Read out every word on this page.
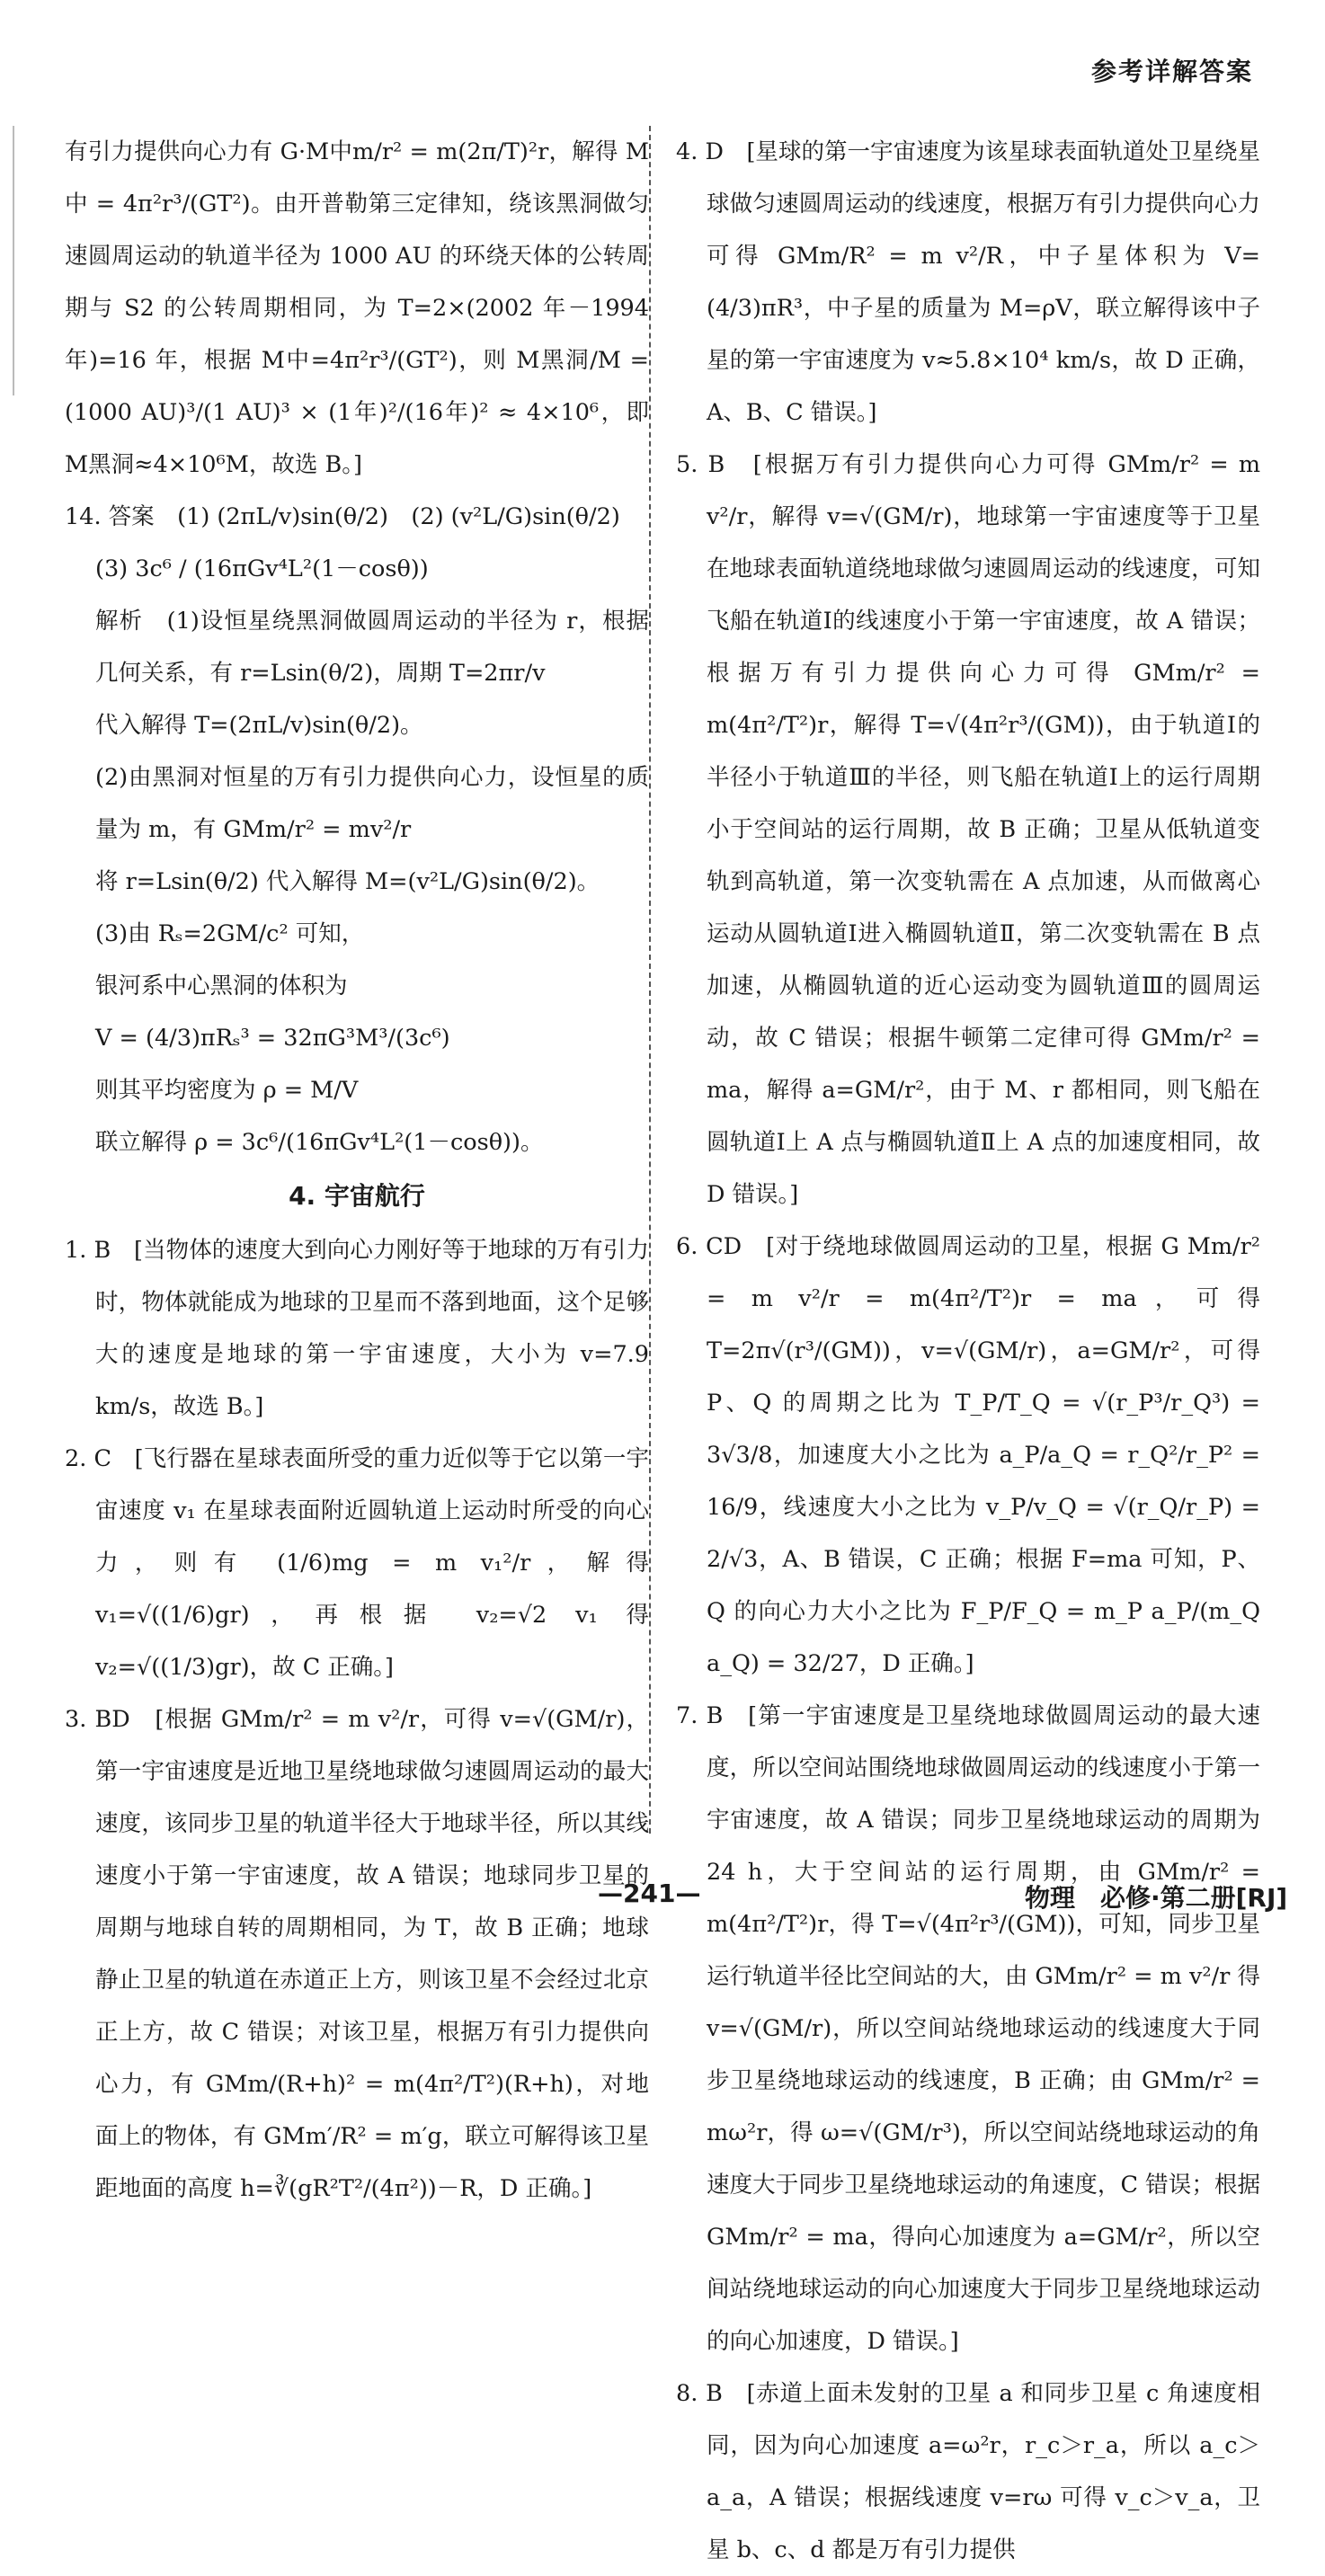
参考详解答案

有引力提供向心力有 G·M中m/r² = m(2π/T)²r，解得 M中 = 4π²r³/(GT²)。由开普勒第三定律知，绕该黑洞做匀速圆周运动的轨道半径为 1000 AU 的环绕天体的公转周期与 S2 的公转周期相同，为 T=2×(2002 年－1994 年)=16 年，根据 M中=4π²r³/(GT²)，则 M黑洞/M = (1000 AU)³/(1 AU)³ × (1年)²/(16年)² ≈ 4×10⁶，即 M黑洞≈4×10⁶M，故选 B。]

14. 答案　(1) (2πL/v)sin(θ/2)　(2) (v²L/G)sin(θ/2)

(3) 3c⁶ / (16πGv⁴L²(1－cosθ))

解析　(1)设恒星绕黑洞做圆周运动的半径为 r，根据几何关系，有 r=Lsin(θ/2)，周期 T=2πr/v

代入解得 T=(2πL/v)sin(θ/2)。

(2)由黑洞对恒星的万有引力提供向心力，设恒星的质量为 m，有 GMm/r² = mv²/r

将 r=Lsin(θ/2) 代入解得 M=(v²L/G)sin(θ/2)。

(3)由 Rₛ=2GM/c² 可知，

银河系中心黑洞的体积为

V = (4/3)πRₛ³ = 32πG³M³/(3c⁶)

则其平均密度为 ρ = M/V

联立解得 ρ = 3c⁶/(16πGv⁴L²(1－cosθ))。

4. 宇宙航行

1. B　[当物体的速度大到向心力刚好等于地球的万有引力时，物体就能成为地球的卫星而不落到地面，这个足够大的速度是地球的第一宇宙速度，大小为 v=7.9 km/s，故选 B。]

2. C　[飞行器在星球表面所受的重力近似等于它以第一宇宙速度 v₁ 在星球表面附近圆轨道上运动时所受的向心力，则有 (1/6)mg = m v₁²/r，解得 v₁=√((1/6)gr)，再根据 v₂=√2 v₁ 得 v₂=√((1/3)gr)，故 C 正确。]

3. BD　[根据 GMm/r² = m v²/r，可得 v=√(GM/r)，第一宇宙速度是近地卫星绕地球做匀速圆周运动的最大速度，该同步卫星的轨道半径大于地球半径，所以其线速度小于第一宇宙速度，故 A 错误；地球同步卫星的周期与地球自转的周期相同，为 T，故 B 正确；地球静止卫星的轨道在赤道正上方，则该卫星不会经过北京正上方，故 C 错误；对该卫星，根据万有引力提供向心力，有 GMm/(R+h)² = m(4π²/T²)(R+h)，对地面上的物体，有 GMm′/R² = m′g，联立可解得该卫星距地面的高度 h=∛(gR²T²/(4π²))－R，D 正确。]

4. D　[星球的第一宇宙速度为该星球表面轨道处卫星绕星球做匀速圆周运动的线速度，根据万有引力提供向心力可得 GMm/R² = m v²/R，中子星体积为 V=(4/3)πR³，中子星的质量为 M=ρV，联立解得该中子星的第一宇宙速度为 v≈5.8×10⁴ km/s，故 D 正确，A、B、C 错误。]

5. B　[根据万有引力提供向心力可得 GMm/r² = m v²/r，解得 v=√(GM/r)，地球第一宇宙速度等于卫星在地球表面轨道绕地球做匀速圆周运动的线速度，可知飞船在轨道Ⅰ的线速度小于第一宇宙速度，故 A 错误；根据万有引力提供向心力可得 GMm/r² = m(4π²/T²)r，解得 T=√(4π²r³/(GM))，由于轨道Ⅰ的半径小于轨道Ⅲ的半径，则飞船在轨道Ⅰ上的运行周期小于空间站的运行周期，故 B 正确；卫星从低轨道变轨到高轨道，第一次变轨需在 A 点加速，从而做离心运动从圆轨道Ⅰ进入椭圆轨道Ⅱ，第二次变轨需在 B 点加速，从椭圆轨道的近心运动变为圆轨道Ⅲ的圆周运动，故 C 错误；根据牛顿第二定律可得 GMm/r² = ma，解得 a=GM/r²，由于 M、r 都相同，则飞船在圆轨道Ⅰ上 A 点与椭圆轨道Ⅱ上 A 点的加速度相同，故 D 错误。]

6. CD　[对于绕地球做圆周运动的卫星，根据 G Mm/r² = m v²/r = m(4π²/T²)r = ma，可得 T=2π√(r³/(GM))，v=√(GM/r)，a=GM/r²，可得 P、Q 的周期之比为 T_P/T_Q = √(r_P³/r_Q³) = 3√3/8，加速度大小之比为 a_P/a_Q = r_Q²/r_P² = 16/9，线速度大小之比为 v_P/v_Q = √(r_Q/r_P) = 2/√3，A、B 错误，C 正确；根据 F=ma 可知，P、Q 的向心力大小之比为 F_P/F_Q = m_P a_P/(m_Q a_Q) = 32/27，D 正确。]

7. B　[第一宇宙速度是卫星绕地球做圆周运动的最大速度，所以空间站围绕地球做圆周运动的线速度小于第一宇宙速度，故 A 错误；同步卫星绕地球运动的周期为 24 h，大于空间站的运行周期，由 GMm/r² = m(4π²/T²)r，得 T=√(4π²r³/(GM))，可知，同步卫星运行轨道半径比空间站的大，由 GMm/r² = m v²/r 得 v=√(GM/r)，所以空间站绕地球运动的线速度大于同步卫星绕地球运动的线速度，B 正确；由 GMm/r² = mω²r，得 ω=√(GM/r³)，所以空间站绕地球运动的角速度大于同步卫星绕地球运动的角速度，C 错误；根据 GMm/r² = ma，得向心加速度为 a=GM/r²，所以空间站绕地球运动的向心加速度大于同步卫星绕地球运动的向心加速度，D 错误。]

8. B　[赤道上面未发射的卫星 a 和同步卫星 c 角速度相同，因为向心加速度 a=ω²r，r_c＞r_a，所以 a_c＞a_a，A 错误；根据线速度 v=rω 可得 v_c＞v_a，卫星 b、c、d 都是万有引力提供

—241—	物理　必修·第二册[RJ]
